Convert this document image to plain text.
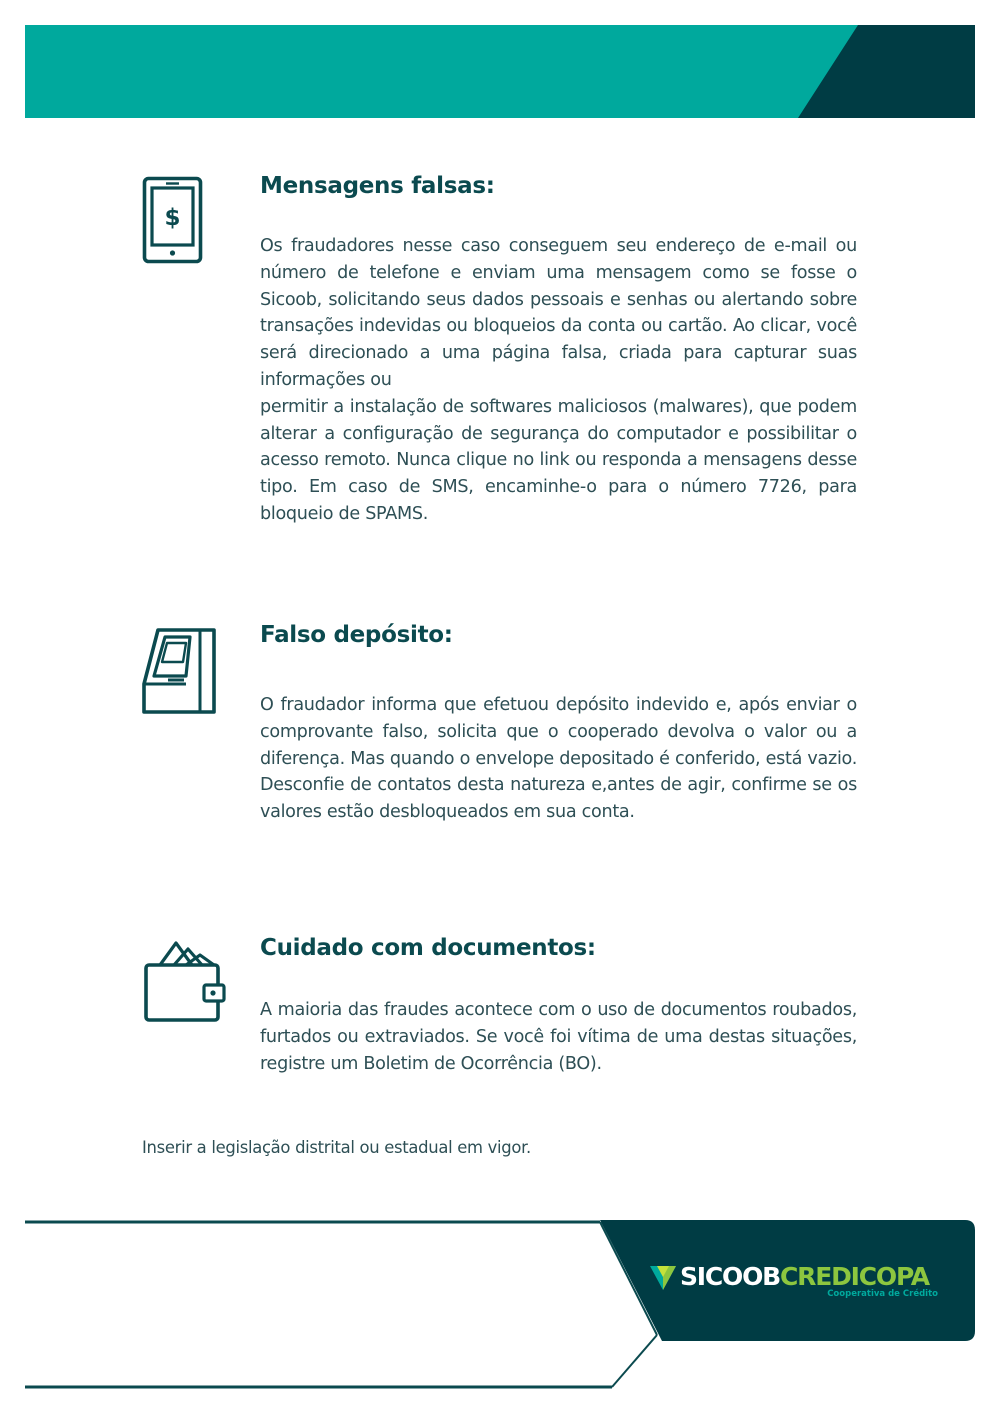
$
Mensagens falsas:

Os fraudadores nesse caso conseguem seu endereço de e-mail ou número de telefone e enviam uma mensagem como se fosse o Sicoob, solicitando seus dados pessoais e senhas ou alertando sobre transações indevidas ou bloqueios da conta ou cartão. Ao clicar, você será direcionado a uma página falsa, criada para capturar suas informações ou
permitir a instalação de softwares maliciosos (malwares), que podem alterar a configuração de segurança do computador e possibilitar o acesso remoto. Nunca clique no link ou responda a mensagens desse tipo. Em caso de SMS, encaminhe-o para o número 7726, para bloqueio de SPAMS.

Falso depósito:

O fraudador informa que efetuou depósito indevido e, após enviar o comprovante falso, solicita que o cooperado devolva o valor ou a diferença. Mas quando o envelope depositado é conferido, está vazio. Desconfie de contatos desta natureza e,antes de agir, confirme se os valores estão desbloqueados em sua conta.

Cuidado com documentos:

A maioria das fraudes acontece com o uso de documentos roubados, furtados ou extraviados. Se você foi vítima de uma destas situações, registre um Boletim de Ocorrência (BO).

Inserir a legislação distrital ou estadual em vigor.

SICOOBCREDICOPA
Cooperativa de Crédito
